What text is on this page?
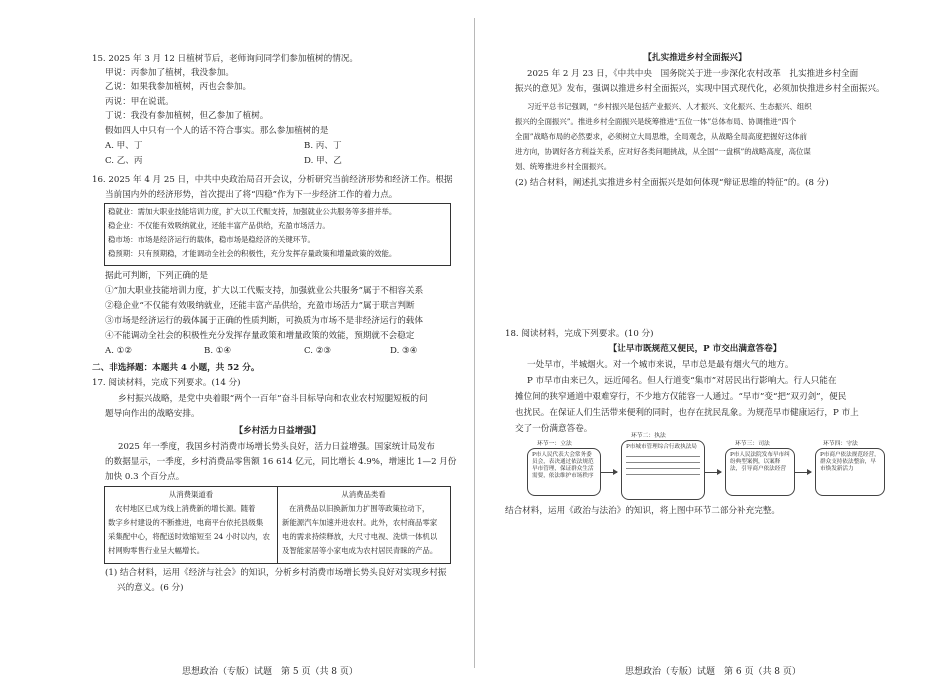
15. 2025 年 3 月 12 日植树节后，老师询问同学们参加植树的情况。
甲说：丙参加了植树，我没参加。
乙说：如果我参加植树，丙也会参加。
丙说：甲在说谎。
丁说：我没有参加植树，但乙参加了植树。
假如四人中只有一个人的话不符合事实。那么参加植树的是
A. 甲、丁	B. 丙、丁
C. 乙、丙	D. 甲、乙
16. 2025 年 4 月 25 日，中共中央政治局召开会议，分析研究当前经济形势和经济工作。根据
当前国内外的经济形势，首次提出了将“四稳”作为下一步经济工作的着力点。
稳就业：需加大职业技能培训力度，扩大以工代赈支持，加强就业公共服务等多措并举。
稳企业：不仅能有效吸纳就业，还能丰富产品供给，充盈市场活力。
稳市场：市场是经济运行的载体，稳市场是稳经济的关键环节。
稳预期：只有预期稳，才能调动全社会的积极性，充分发挥存量政策和增量政策的效能。
据此可判断，下列正确的是
①“加大职业技能培训力度，扩大以工代赈支持，加强就业公共服务”属于不相容关系
②稳企业“不仅能有效吸纳就业，还能丰富产品供给，充盈市场活力”属于联言判断
③市场是经济运行的载体属于正确的性质判断，可换质为市场不是非经济运行的载体
④不能调动全社会的积极性充分发挥存量政策和增量政策的效能，预期就不会稳定
A. ①②	B. ①④	C. ②③	D. ③④
二、非选择题：本题共 4 小题，共 52 分。
17. 阅读材料，完成下列要求。(14 分)
乡村振兴战略，是党中央着眼“两个一百年”奋斗目标导向和农业农村短腿短板的问
题导向作出的战略安排。
【乡村活力日益增强】
2025 年一季度，我国乡村消费市场增长势头良好，活力日益增强。国家统计局发布
的数据显示，一季度，乡村消费品零售额 16 614 亿元，同比增长 4.9%，增速比 1—2 月份
加快 0.3 个百分点。
从消费渠道看
农村地区已成为线上消费新的增长源。随着
数字乡村建设的不断推进，电商平台依托县级集
采集配中心，将配送时效缩短至 24 小时以内，农
村网购零售行业呈大幅增长。
从消费品类看
在消费品以旧换新加力扩围等政策拉动下，
新能源汽车加速并进农村。此外，农村商品零家
电的需求持续释放，大尺寸电视、洗烘一体机以
及智能家居等小家电成为农村居民青睐的产品。
(1) 结合材料，运用《经济与社会》的知识，分析乡村消费市场增长势头良好对实现乡村振
兴的意义。(6 分)
思想政治（专版）试题　第 5 页（共 8 页）
【扎实推进乡村全面振兴】
2025 年 2 月 23 日，《中共中央　国务院关于进一步深化农村改革　扎实推进乡村全面
振兴的意见》发布，强调以推进乡村全面振兴，实现中国式现代化，必须加快推进乡村全面振兴。
习近平总书记强调，“乡村振兴是包括产业振兴、人才振兴、文化振兴、生态振兴、组织
振兴的全面振兴”。推进乡村全面振兴是统筹推进“五位一体”总体布局、协调推进“四个
全面”战略布局的必然要求，必须树立大局思维，全局观念，从战略全局高度把握好这体前
进方向，协调好各方利益关系，应对好各类问题挑战，从全国“一盘棋”的战略高度，高位谋
划、统筹推进乡村全面振兴。
(2) 结合材料，阐述扎实推进乡村全面振兴是如何体现“辩证思维的特征”的。(8 分)
18. 阅读材料，完成下列要求。(10 分)
【让早市既规范又便民，P 市交出满意答卷】
一处早市，半城烟火。对一个城市来说，早市总是最有烟火气的地方。
P 市早市由来已久，远近闻名。但人行道变“集市”对居民出行影响大。行人只能在
摊位间的狭窄通道中艰难穿行，不少地方仅能容一人通过。“早市”变“把”双刃剑”，便民
也扰民。在保证人们生活带来便利的同时，也存在扰民乱象。为规范早市健康运行，P 市上
交了一份满意答卷。
P市人民代表大会常务委员会，表决通过依法规范早市管理，保证群众生活需要，依法维护市场秩序
环节一：立法	P市城市管理综合行政执法局
环节二：执法
P市人民法院发布早市纠纷典型案例，以案释法，引导商户依法经营
环节三：司法
P市商户依法规范经营，群众支持依法整治，早市焕发新活力
环节四：守法
结合材料，运用《政治与法治》的知识，将上图中环节二部分补充完整。
思想政治（专版）试题　第 6 页（共 8 页）
